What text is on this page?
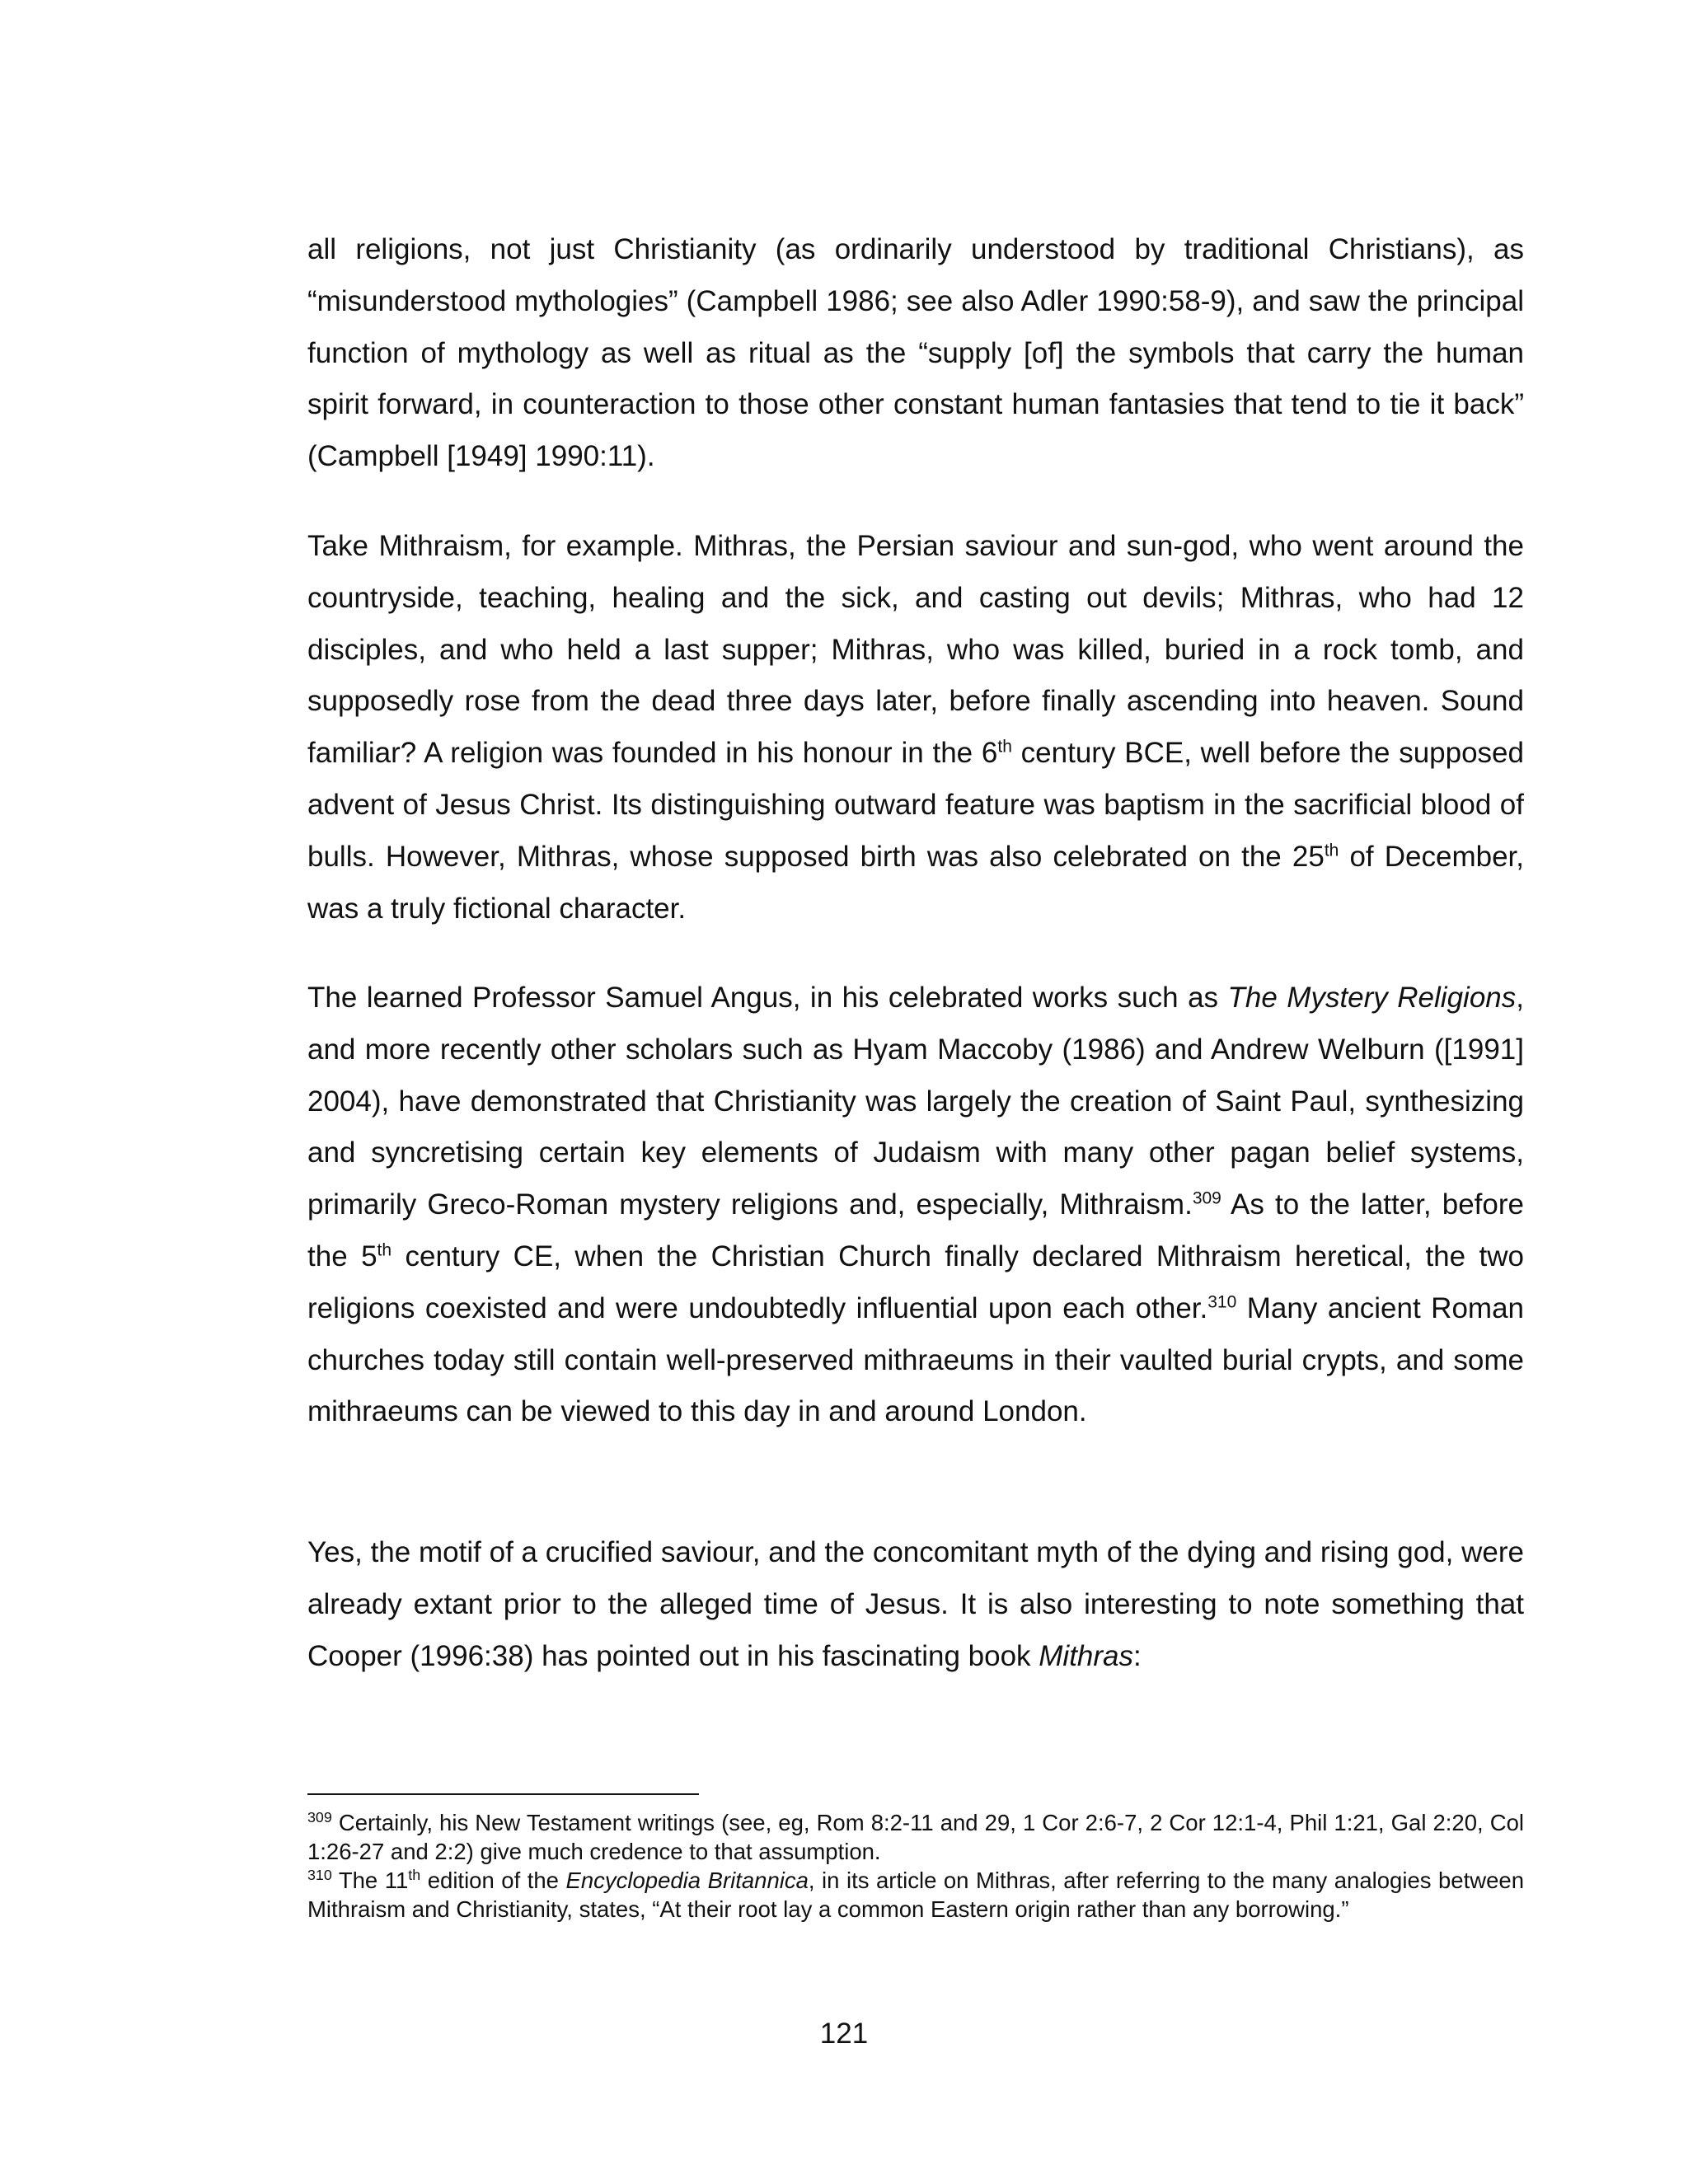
all religions, not just Christianity (as ordinarily understood by traditional Christians), as “misunderstood mythologies” (Campbell 1986; see also Adler 1990:58-9), and saw the principal function of mythology as well as ritual as the “supply [of] the symbols that carry the human spirit forward, in counteraction to those other constant human fantasies that tend to tie it back” (Campbell [1949] 1990:11).

Take Mithraism, for example. Mithras, the Persian saviour and sun-god, who went around the countryside, teaching, healing and the sick, and casting out devils; Mithras, who had 12 disciples, and who held a last supper; Mithras, who was killed, buried in a rock tomb, and supposedly rose from the dead three days later, before finally ascending into heaven. Sound familiar? A religion was founded in his honour in the 6th century BCE, well before the supposed advent of Jesus Christ. Its distinguishing outward feature was baptism in the sacrificial blood of bulls. However, Mithras, whose supposed birth was also celebrated on the 25th of December, was a truly fictional character.

The learned Professor Samuel Angus, in his celebrated works such as The Mystery Religions, and more recently other scholars such as Hyam Maccoby (1986) and Andrew Welburn ([1991] 2004), have demonstrated that Christianity was largely the creation of Saint Paul, synthesizing and syncretising certain key elements of Judaism with many other pagan belief systems, primarily Greco-Roman mystery religions and, especially, Mithraism.$^{309}$ As to the latter, before the 5th century CE, when the Christian Church finally declared Mithraism heretical, the two religions coexisted and were undoubtedly influential upon each other.$^{310}$ Many ancient Roman churches today still contain well-preserved mithraeums in their vaulted burial crypts, and some mithraeums can be viewed to this day in and around London.

Yes, the motif of a crucified saviour, and the concomitant myth of the dying and rising god, were already extant prior to the alleged time of Jesus. It is also interesting to note something that Cooper (1996:38) has pointed out in his fascinating book Mithras:

$^{309}$ Certainly, his New Testament writings (see, eg, Rom 8:2-11 and 29, 1 Cor 2:6-7, 2 Cor 12:1-4, Phil 1:21, Gal 2:20, Col 1:26-27 and 2:2) give much credence to that assumption.

$^{310}$ The 11th edition of the Encyclopedia Britannica, in its article on Mithras, after referring to the many analogies between Mithraism and Christianity, states, “At their root lay a common Eastern origin rather than any borrowing.”

121
